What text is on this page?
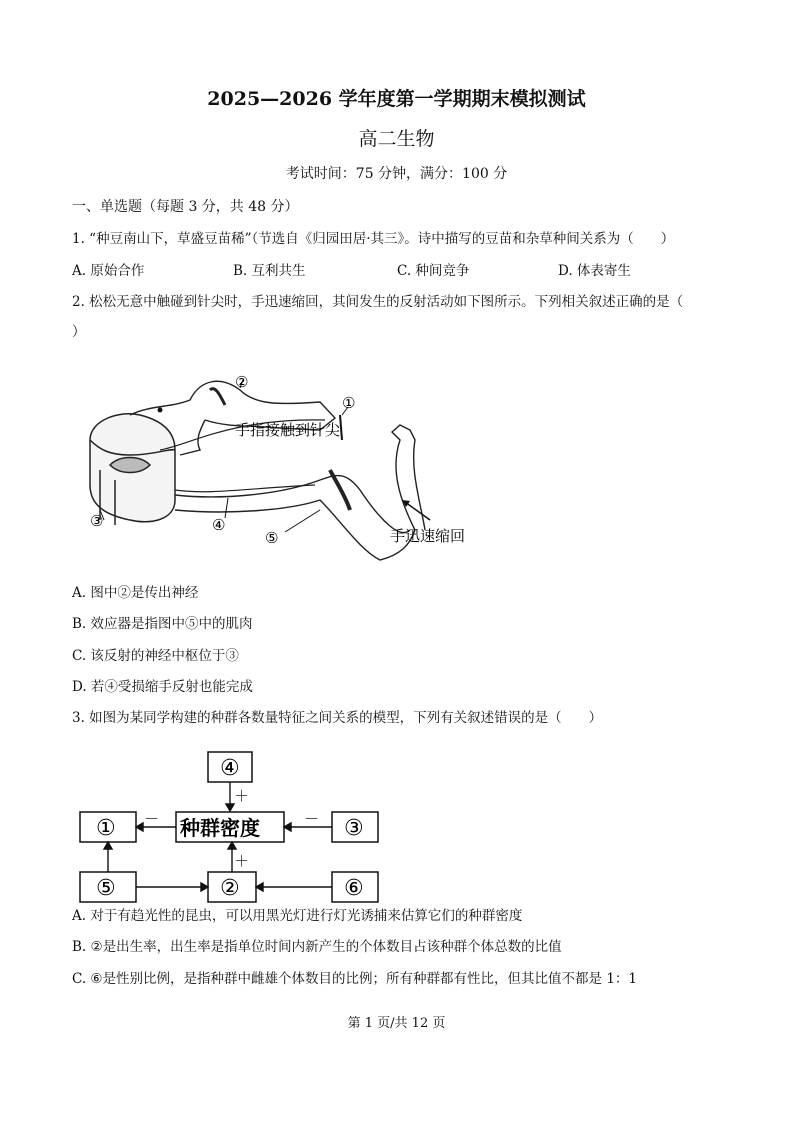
2025—2026 学年度第一学期期末模拟测试
高二生物
考试时间：75 分钟，满分：100 分
一、单选题（每题 3 分，共 48 分）
1. “种豆南山下，草盛豆苗稀”（节选自《归园田居·其三》。诗中描写的豆苗和杂草种间关系为（　　）
A. 原始合作	B. 互利共生	C. 种间竞争	D. 体表寄生
2. 松松无意中触碰到针尖时，手迅速缩回，其间发生的反射活动如下图所示。下列相关叙述正确的是（
）
①
②
③	④
⑤
手指接触到针尖
手迅速缩回
A. 图中②是传出神经
B. 效应器是指图中⑤中的肌肉
C. 该反射的神经中枢位于③
D. 若④受损缩手反射也能完成
3. 如图为某同学构建的种群各数量特征之间关系的模型，下列有关叙述错误的是（　　）
④
种群密度
①	③
⑤	②	⑥
＋
＋
－	－
A. 对于有趋光性的昆虫，可以用黑光灯进行灯光诱捕来估算它们的种群密度
B. ②是出生率，出生率是指单位时间内新产生的个体数目占该种群个体总数的比值
C. ⑥是性别比例，是指种群中雌雄个体数目的比例；所有种群都有性比，但其比值不都是 1：1
第 1 页/共 12 页
